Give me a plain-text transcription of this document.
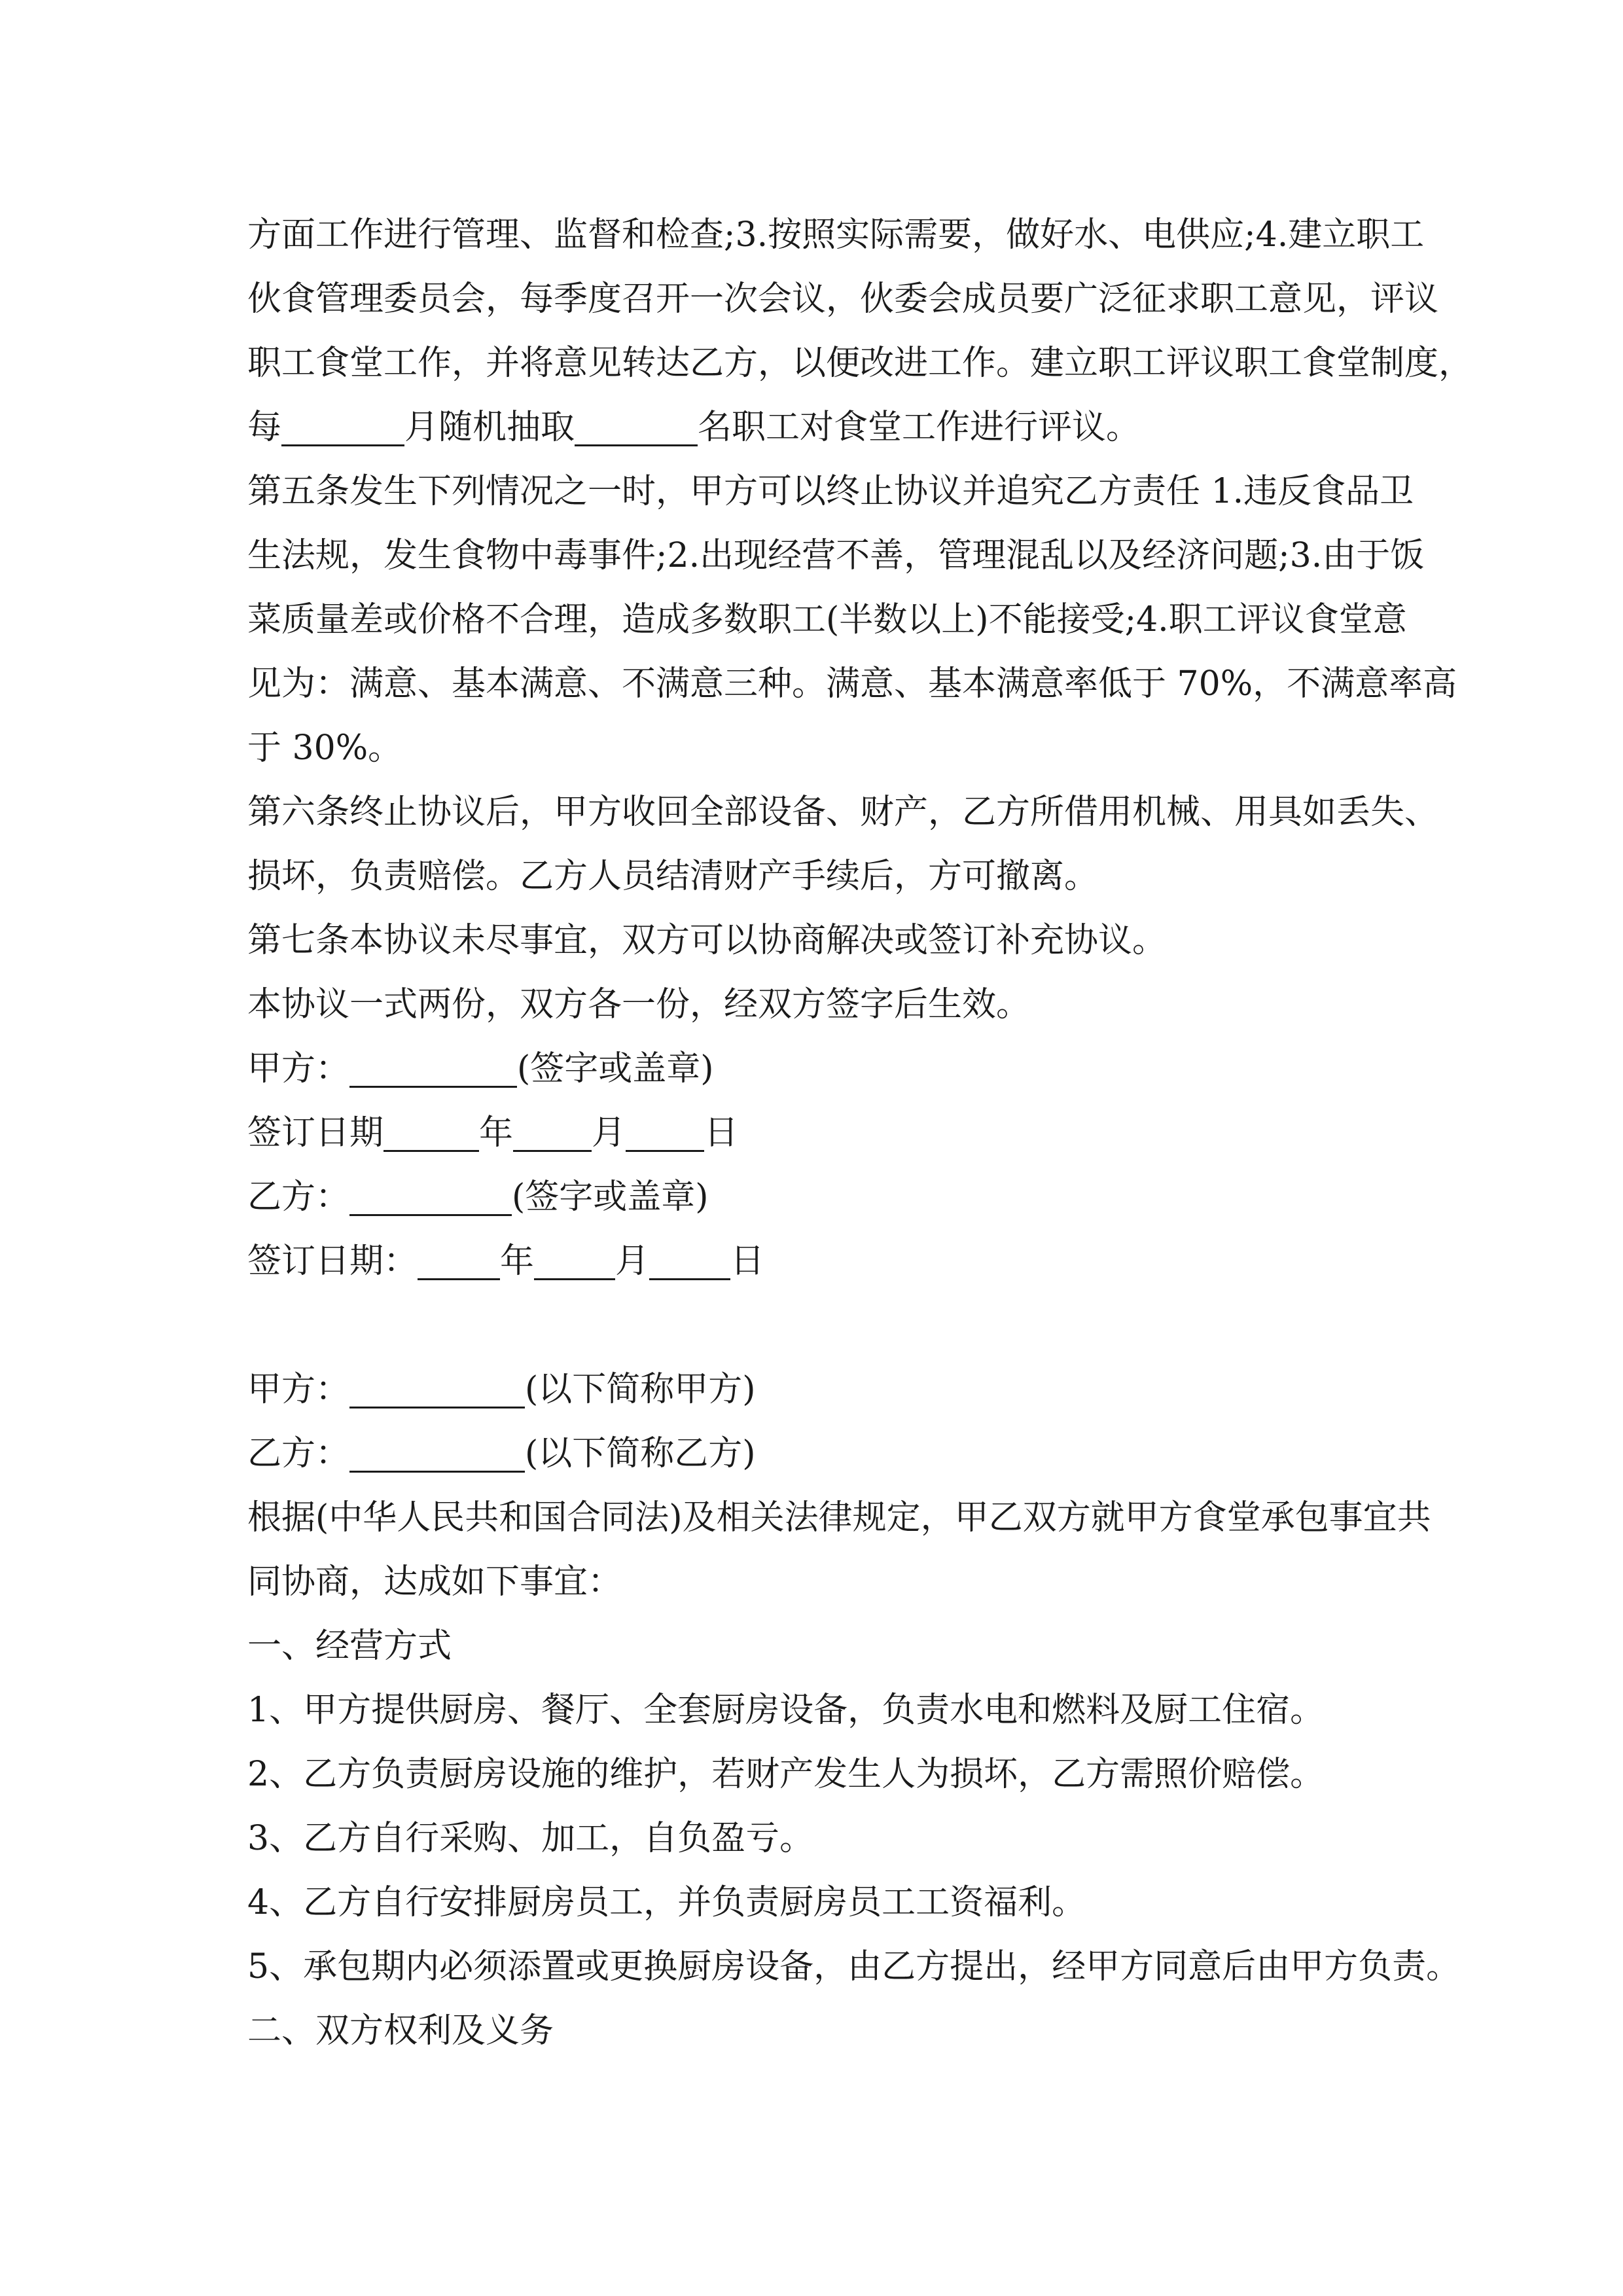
方面工作进行管理、监督和检查;3.按照实际需要，做好水、电供应;4.建立职工
伙食管理委员会，每季度召开一次会议，伙委会成员要广泛征求职工意见，评议
职工食堂工作，并将意见转达乙方，以便改进工作。建立职工评议职工食堂制度，
每	月随机抽取	名职工对食堂工作进行评议。
第五条发生下列情况之一时，甲方可以终止协议并追究乙方责任 1.违反食品卫
生法规，发生食物中毒事件;2.出现经营不善，管理混乱以及经济问题;3.由于饭
菜质量差或价格不合理，造成多数职工(半数以上)不能接受;4.职工评议食堂意
见为：满意、基本满意、不满意三种。满意、基本满意率低于 70%，不满意率高
于 30%。
第六条终止协议后，甲方收回全部设备、财产，乙方所借用机械、用具如丢失、
损坏，负责赔偿。乙方人员结清财产手续后，方可撤离。
第七条本协议未尽事宜，双方可以协商解决或签订补充协议。
本协议一式两份，双方各一份，经双方签字后生效。
甲方：	(签字或盖章)
签订日期	年 月 日
乙方：	(签字或盖章)
签订日期： 年 月 日
甲方：	(以下简称甲方)
乙方：	(以下简称乙方)
根据(中华人民共和国合同法)及相关法律规定，甲乙双方就甲方食堂承包事宜共
同协商，达成如下事宜：
一、经营方式
1、甲方提供厨房、餐厅、全套厨房设备，负责水电和燃料及厨工住宿。
2、乙方负责厨房设施的维护，若财产发生人为损坏，乙方需照价赔偿。
3、乙方自行采购、加工，自负盈亏。
4、乙方自行安排厨房员工，并负责厨房员工工资福利。
5、承包期内必须添置或更换厨房设备，由乙方提出，经甲方同意后由甲方负责。
二、双方权利及义务
